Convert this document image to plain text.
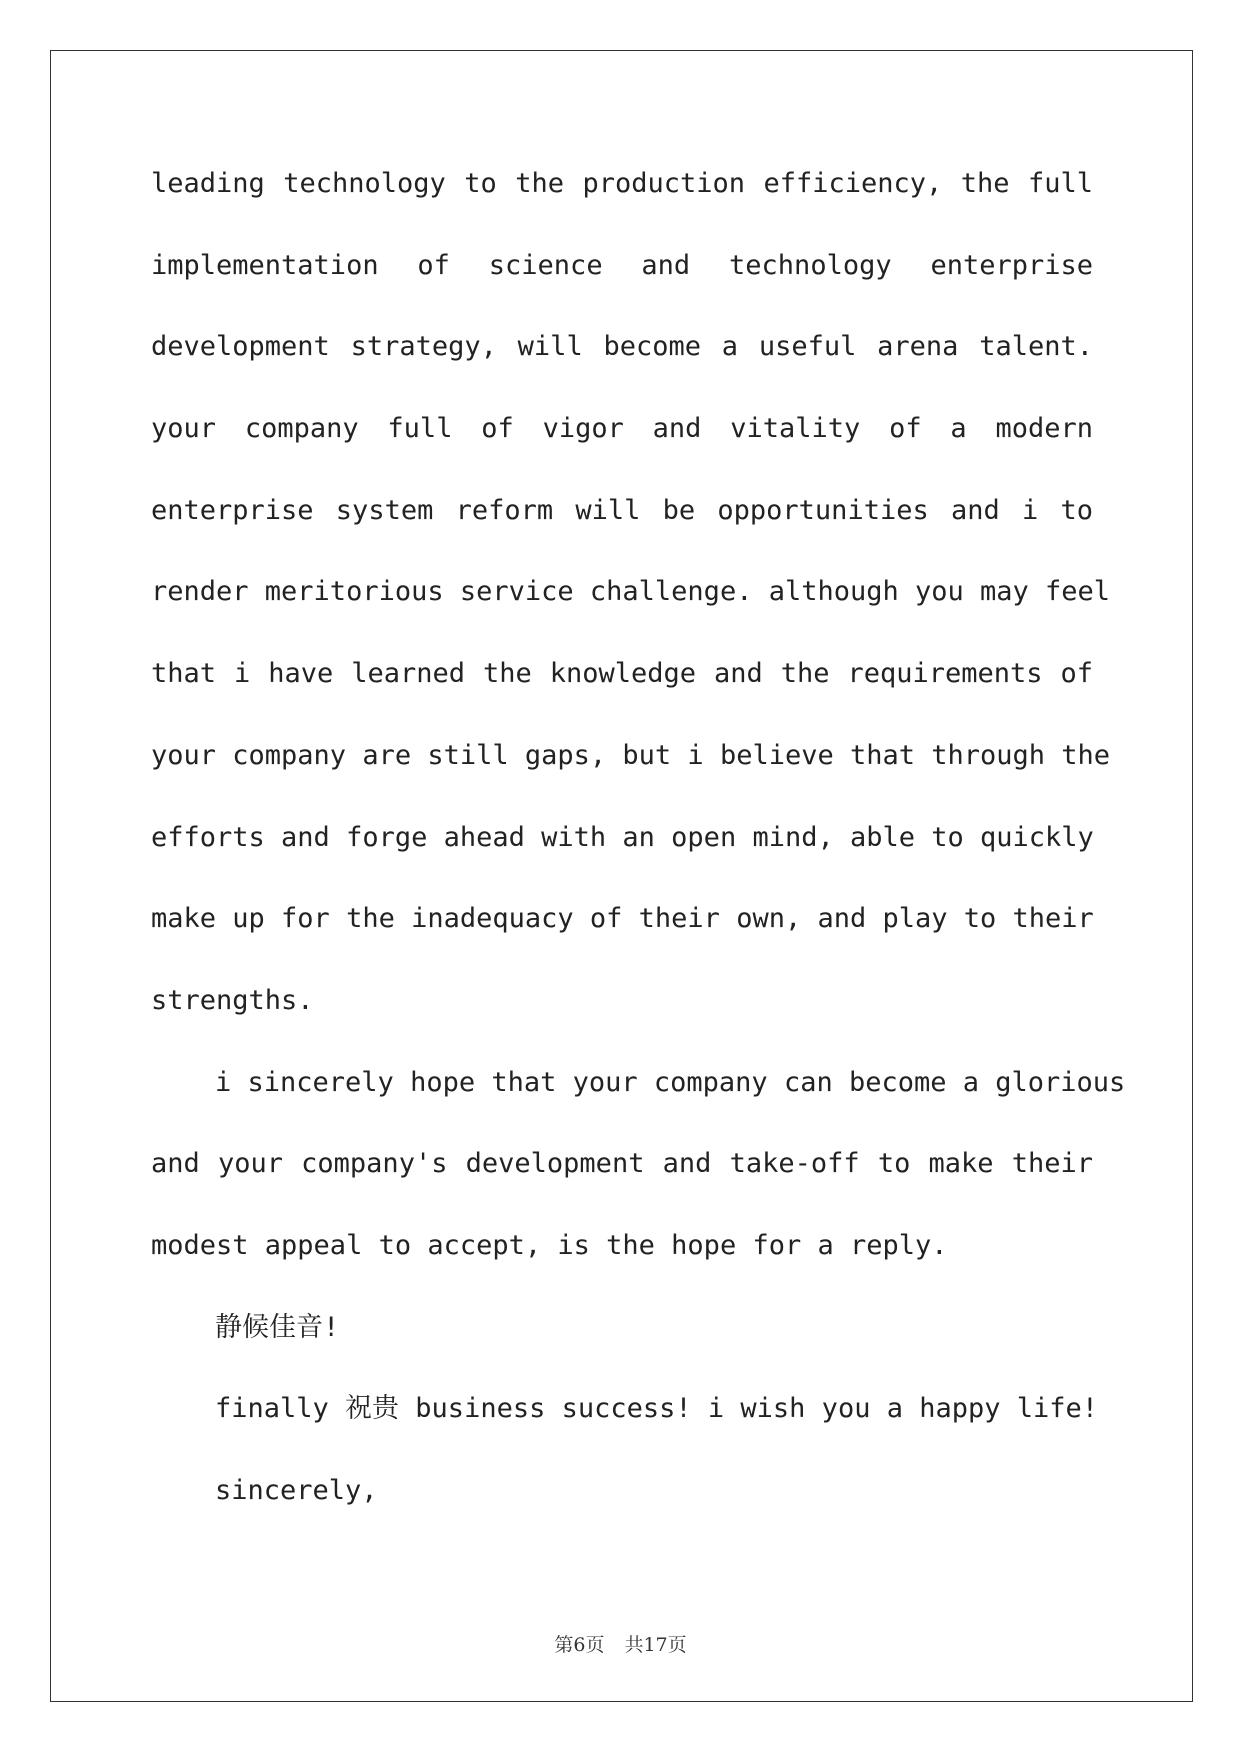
leading technology to the production efficiency, the full
implementation of science and technology enterprise
development strategy, will become a useful arena talent.
your company full of vigor and vitality of a modern
enterprise system reform will be opportunities and i to
render meritorious service challenge. although you may feel
that i have learned the knowledge and the requirements of
your company are still gaps, but i believe that through the
efforts and forge ahead with an open mind, able to quickly
make up for the inadequacy of their own, and play to their
strengths.
i sincerely hope that your company can become a glorious
and your company's development and take-off to make their
modest appeal to accept, is the hope for a reply.
静候佳音!
finally 祝贵 business success! i wish you a happy life!
sincerely,
第6页 共17页
